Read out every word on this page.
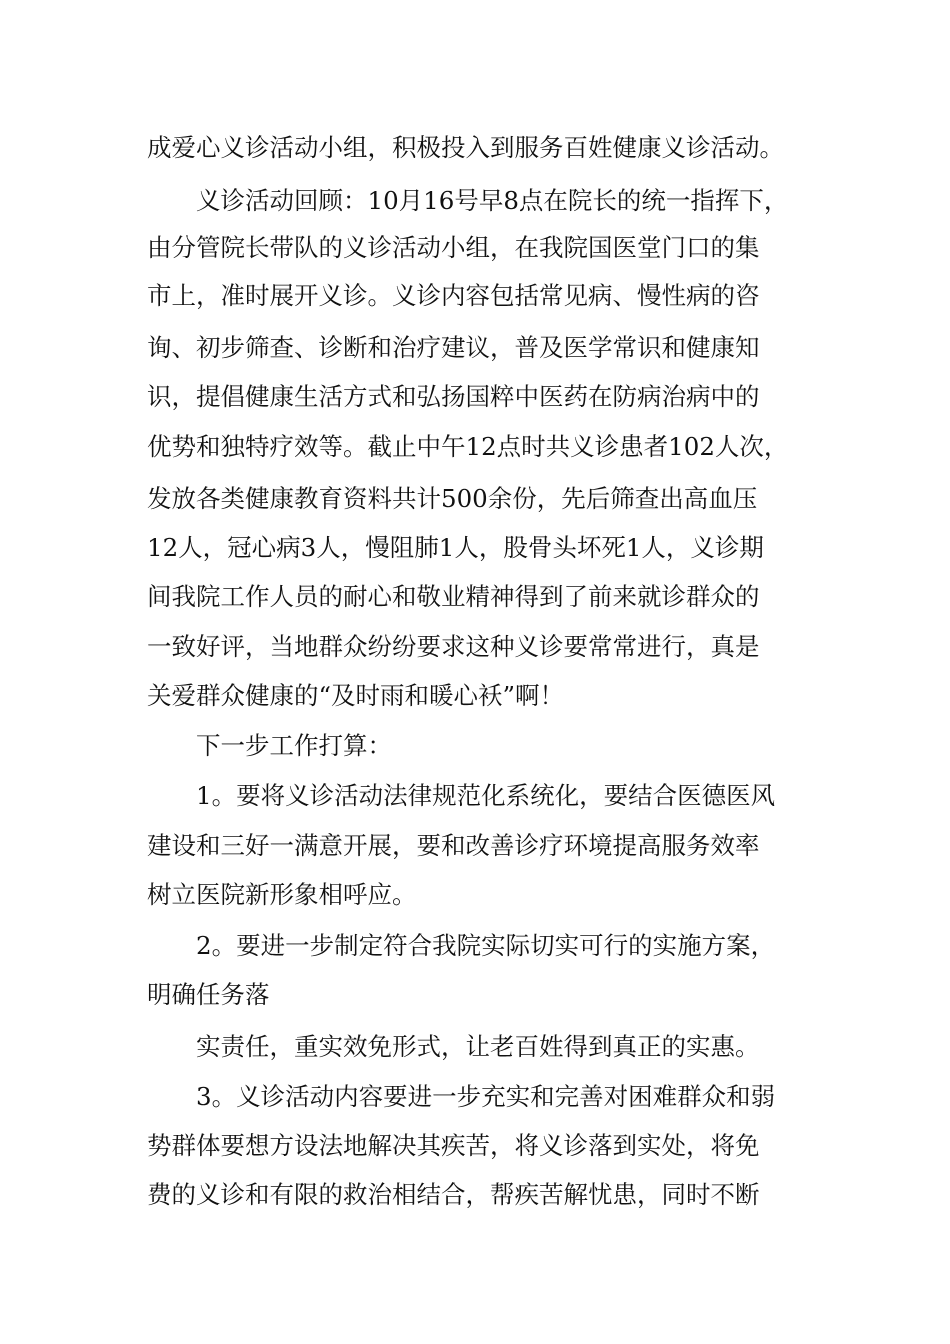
成爱心义诊活动小组，积极投入到服务百姓健康义诊活动。
义诊活动回顾：10月16号早8点在院长的统一指挥下，
由分管院长带队的义诊活动小组，在我院国医堂门口的集
市上，准时展开义诊。义诊内容包括常见病、慢性病的咨
询、初步筛查、诊断和治疗建议，普及医学常识和健康知
识，提倡健康生活方式和弘扬国粹中医药在防病治病中的
优势和独特疗效等。截止中午12点时共义诊患者102人次，
发放各类健康教育资料共计500余份，先后筛查出高血压
12人，冠心病3人，慢阻肺1人，股骨头坏死1人，义诊期
间我院工作人员的耐心和敬业精神得到了前来就诊群众的
一致好评，当地群众纷纷要求这种义诊要常常进行，真是
关爱群众健康的“及时雨和暖心袄”啊！
下一步工作打算：
1。要将义诊活动法律规范化系统化，要结合医德医风
建设和三好一满意开展，要和改善诊疗环境提高服务效率
树立医院新形象相呼应。
2。要进一步制定符合我院实际切实可行的实施方案，
明确任务落
实责任，重实效免形式，让老百姓得到真正的实惠。
3。义诊活动内容要进一步充实和完善对困难群众和弱
势群体要想方设法地解决其疾苦，将义诊落到实处，将免
费的义诊和有限的救治相结合，帮疾苦解忧患，同时不断
